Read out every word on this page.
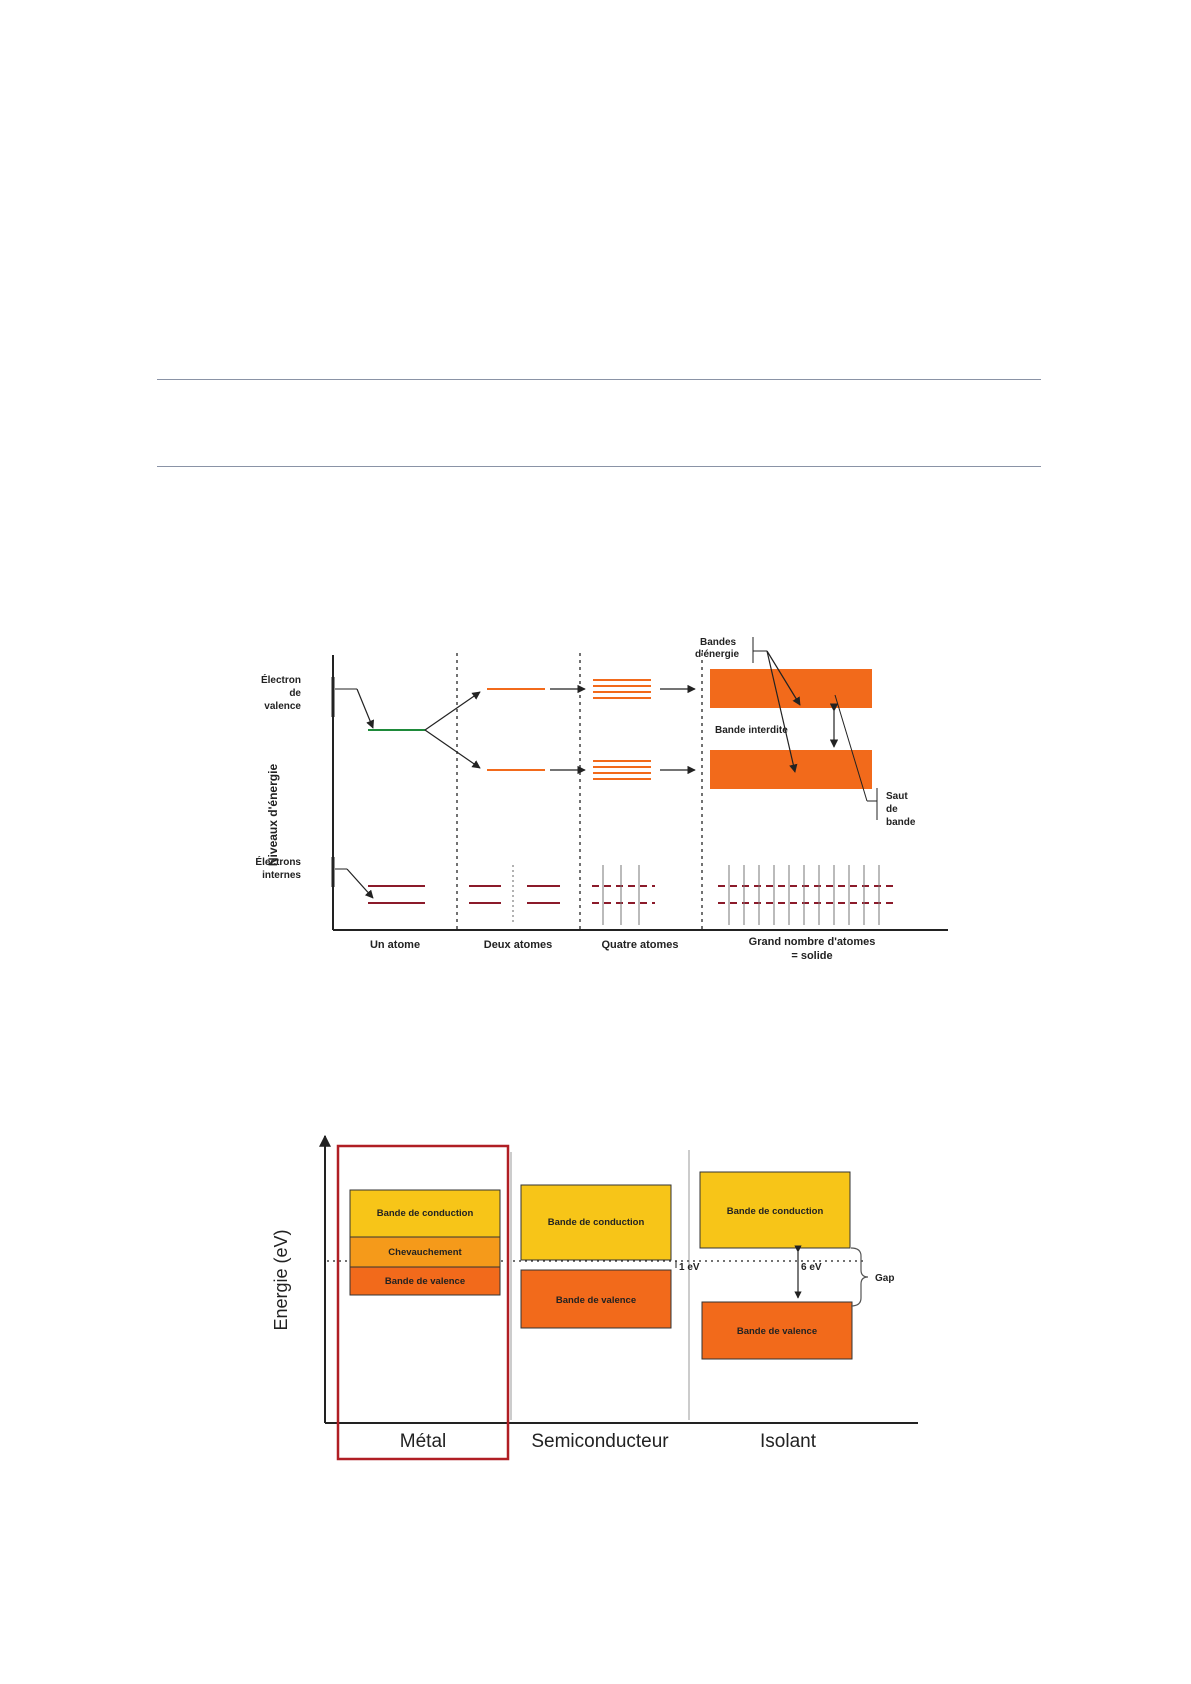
Niveaux d'énergie
Électron
de
valence
Bandes
d'énergie
Bande interdite
Saut
de
bande
Électrons
internes
Un atome	Deux atomes	Quatre atomes	Grand nombre d'atomes
= solide
Energie (eV)
Bande de conduction
Chevauchement
Bande de valence
Bande de conduction
Bande de valence
1 eV
Bande de conduction
Bande de valence
6 eV
Gap
Métal	Semiconducteur	Isolant
